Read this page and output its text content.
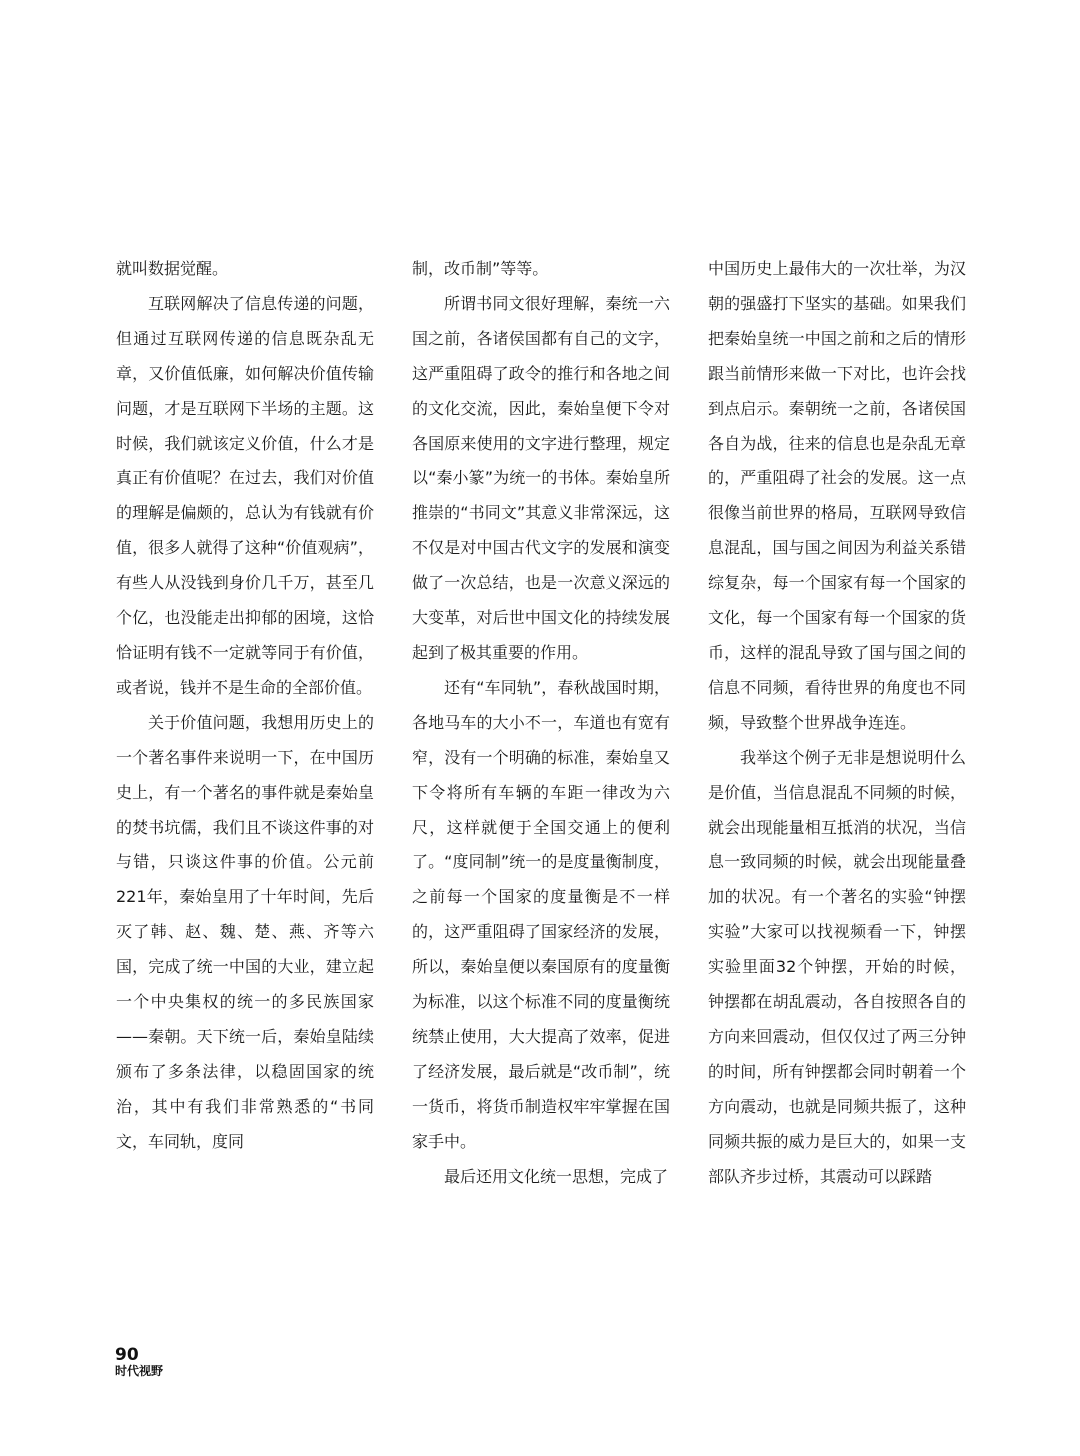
就叫数据觉醒。

互联网解决了信息传递的问题，但通过互联网传递的信息既杂乱无章，又价值低廉，如何解决价值传输问题，才是互联网下半场的主题。这时候，我们就该定义价值，什么才是真正有价值呢？在过去，我们对价值的理解是偏颇的，总认为有钱就有价值，很多人就得了这种“价值观病”，有些人从没钱到身价几千万，甚至几个亿，也没能走出抑郁的困境，这恰恰证明有钱不一定就等同于有价值，或者说，钱并不是生命的全部价值。

关于价值问题，我想用历史上的一个著名事件来说明一下，在中国历史上，有一个著名的事件就是秦始皇的焚书坑儒，我们且不谈这件事的对与错，只谈这件事的价值。公元前221年，秦始皇用了十年时间，先后灭了韩、赵、魏、楚、燕、齐等六国，完成了统一中国的大业，建立起一个中央集权的统一的多民族国家——秦朝。天下统一后，秦始皇陆续颁布了多条法律，以稳固国家的统治，其中有我们非常熟悉的“书同文，车同轨，度同

制，改币制”等等。

所谓书同文很好理解，秦统一六国之前，各诸侯国都有自己的文字，这严重阻碍了政令的推行和各地之间的文化交流，因此，秦始皇便下令对各国原来使用的文字进行整理，规定以“秦小篆”为统一的书体。秦始皇所推崇的“书同文”其意义非常深远，这不仅是对中国古代文字的发展和演变做了一次总结，也是一次意义深远的大变革，对后世中国文化的持续发展起到了极其重要的作用。

还有“车同轨”，春秋战国时期，各地马车的大小不一，车道也有宽有窄，没有一个明确的标准，秦始皇又下令将所有车辆的车距一律改为六尺，这样就便于全国交通上的便利了。“度同制”统一的是度量衡制度，之前每一个国家的度量衡是不一样的，这严重阻碍了国家经济的发展，所以，秦始皇便以秦国原有的度量衡为标准，以这个标准不同的度量衡统统禁止使用，大大提高了效率，促进了经济发展，最后就是“改币制”，统一货币，将货币制造权牢牢掌握在国家手中。

最后还用文化统一思想，完成了

中国历史上最伟大的一次壮举，为汉朝的强盛打下坚实的基础。如果我们把秦始皇统一中国之前和之后的情形跟当前情形来做一下对比，也许会找到点启示。秦朝统一之前，各诸侯国各自为战，往来的信息也是杂乱无章的，严重阻碍了社会的发展。这一点很像当前世界的格局，互联网导致信息混乱，国与国之间因为利益关系错综复杂，每一个国家有每一个国家的文化，每一个国家有每一个国家的货币，这样的混乱导致了国与国之间的信息不同频，看待世界的角度也不同频，导致整个世界战争连连。

我举这个例子无非是想说明什么是价值，当信息混乱不同频的时候，就会出现能量相互抵消的状况，当信息一致同频的时候，就会出现能量叠加的状况。有一个著名的实验“钟摆实验”大家可以找视频看一下，钟摆实验里面32个钟摆，开始的时候，钟摆都在胡乱震动，各自按照各自的方向来回震动，但仅仅过了两三分钟的时间，所有钟摆都会同时朝着一个方向震动，也就是同频共振了，这种同频共振的威力是巨大的，如果一支部队齐步过桥，其震动可以踩踏

90
时代视野
